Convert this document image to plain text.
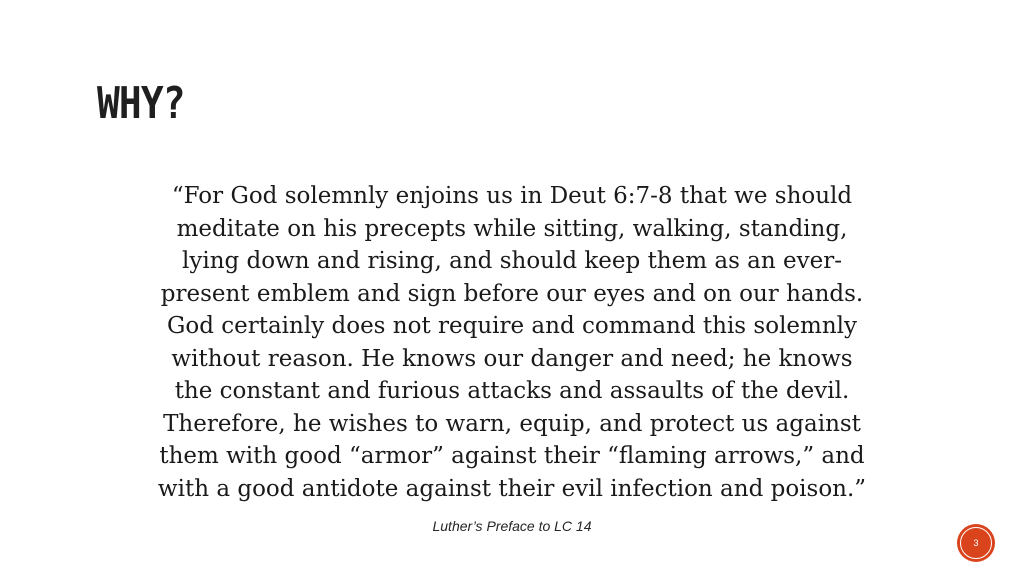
WHY?

“For God solemnly enjoins us in Deut 6:7-8 that we should
meditate on his precepts while sitting, walking, standing,
lying down and rising, and should keep them as an ever-
present emblem and sign before our eyes and on our hands.
God certainly does not require and command this solemnly
without reason. He knows our danger and need; he knows
the constant and furious attacks and assaults of the devil.
Therefore, he wishes to warn, equip, and protect us against
them with good “armor” against their “flaming arrows,” and
with a good antidote against their evil infection and poison.”

Luther’s Preface to LC 14

3
